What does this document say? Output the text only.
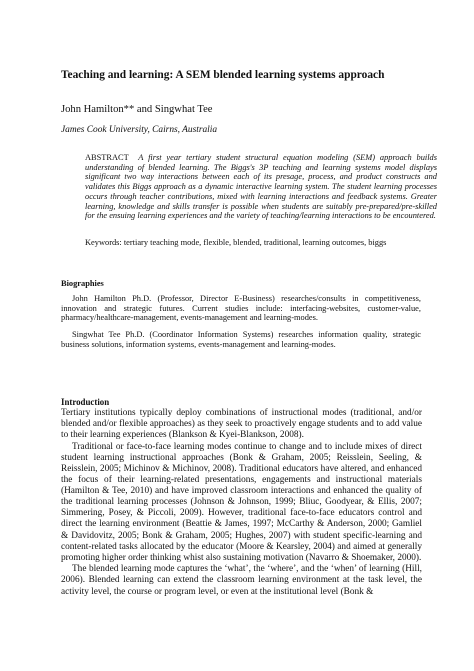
Teaching and learning: A SEM blended learning systems approach
John Hamilton** and Singwhat Tee
James Cook University, Cairns, Australia
ABSTRACT A first year tertiary student structural equation modeling (SEM) approach builds understanding of blended learning. The Biggs's 3P teaching and learning systems model displays significant two way interactions between each of its presage, process, and product constructs and validates this Biggs approach as a dynamic interactive learning system. The student learning processes occurs through teacher contributions, mixed with learning interactions and feedback systems. Greater learning, knowledge and skills transfer is possible when students are suitably pre-prepared/pre-skilled for the ensuing learning experiences and the variety of teaching/learning interactions to be encountered.
Keywords: tertiary teaching mode, flexible, blended, traditional, learning outcomes, biggs
Biographies
John Hamilton Ph.D. (Professor, Director E-Business) researches/consults in competitiveness, innovation and strategic futures. Current studies include: interfacing-websites, customer-value, pharmacy/healthcare-management, events-management and learning-modes.
Singwhat Tee Ph.D. (Coordinator Information Systems) researches information quality, strategic business solutions, information systems, events-management and learning-modes.
Introduction

Tertiary institutions typically deploy combinations of instructional modes (traditional, and/or blended and/or flexible approaches) as they seek to proactively engage students and to add value to their learning experiences (Blankson & Kyei-Blankson, 2008).

Traditional or face-to-face learning modes continue to change and to include mixes of direct student learning instructional approaches (Bonk & Graham, 2005; Reisslein, Seeling, & Reisslein, 2005; Michinov & Michinov, 2008). Traditional educators have altered, and enhanced the focus of their learning-related presentations, engagements and instructional materials (Hamilton & Tee, 2010) and have improved classroom interactions and enhanced the quality of the traditional learning processes (Johnson & Johnson, 1999; Bliuc, Goodyear, & Ellis, 2007; Simmering, Posey, & Piccoli, 2009). However, traditional face-to-face educators control and direct the learning environment (Beattie & James, 1997; McCarthy & Anderson, 2000; Gamliel & Davidovitz, 2005; Bonk & Graham, 2005; Hughes, 2007) with student specific-learning and content-related tasks allocated by the educator (Moore & Kearsley, 2004) and aimed at generally promoting higher order thinking whist also sustaining motivation (Navarro & Shoemaker, 2000).

The blended learning mode captures the ‘what’, the ‘where’, and the ‘when’ of learning (Hill, 2006). Blended learning can extend the classroom learning environment at the task level, the activity level, the course or program level, or even at the institutional level (Bonk &
